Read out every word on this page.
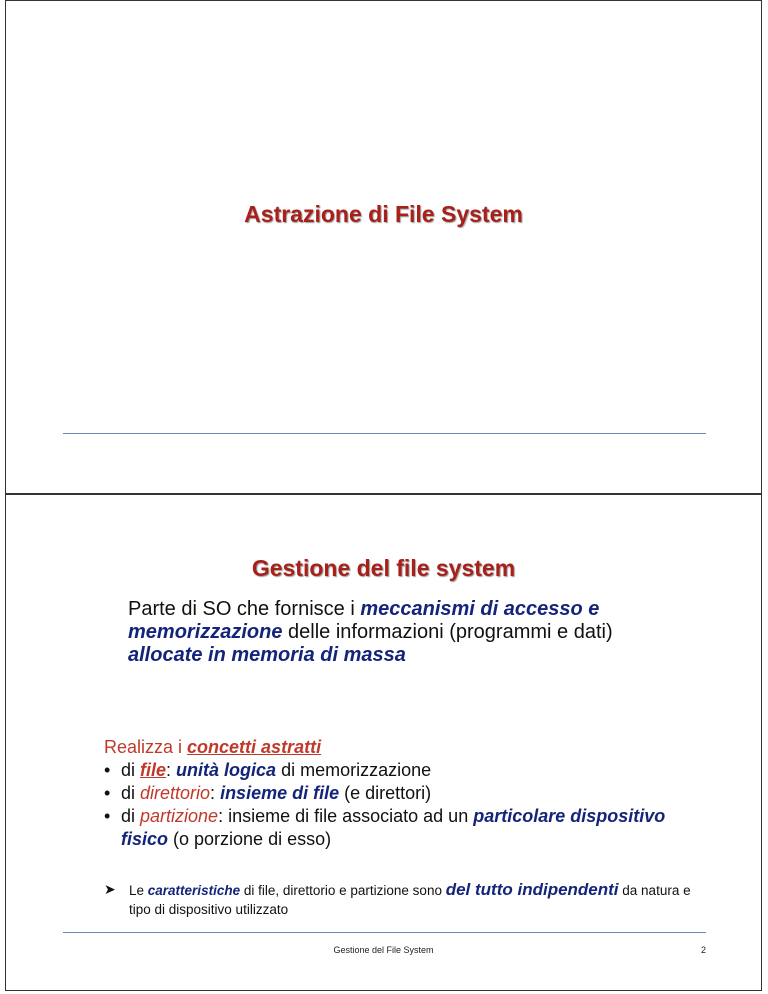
Astrazione di File System
Gestione del file system
Parte di SO che fornisce i meccanismi di accesso e memorizzazione delle informazioni (programmi e dati) allocate in memoria di massa
Realizza i concetti astratti
• di file: unità logica di memorizzazione
• di direttorio: insieme di file (e direttori)
• di partizione: insieme di file associato ad un particolare dispositivo fisico (o porzione di esso)
➤ Le caratteristiche di file, direttorio e partizione sono del tutto indipendenti da natura e tipo di dispositivo utilizzato
Gestione del File System	2
